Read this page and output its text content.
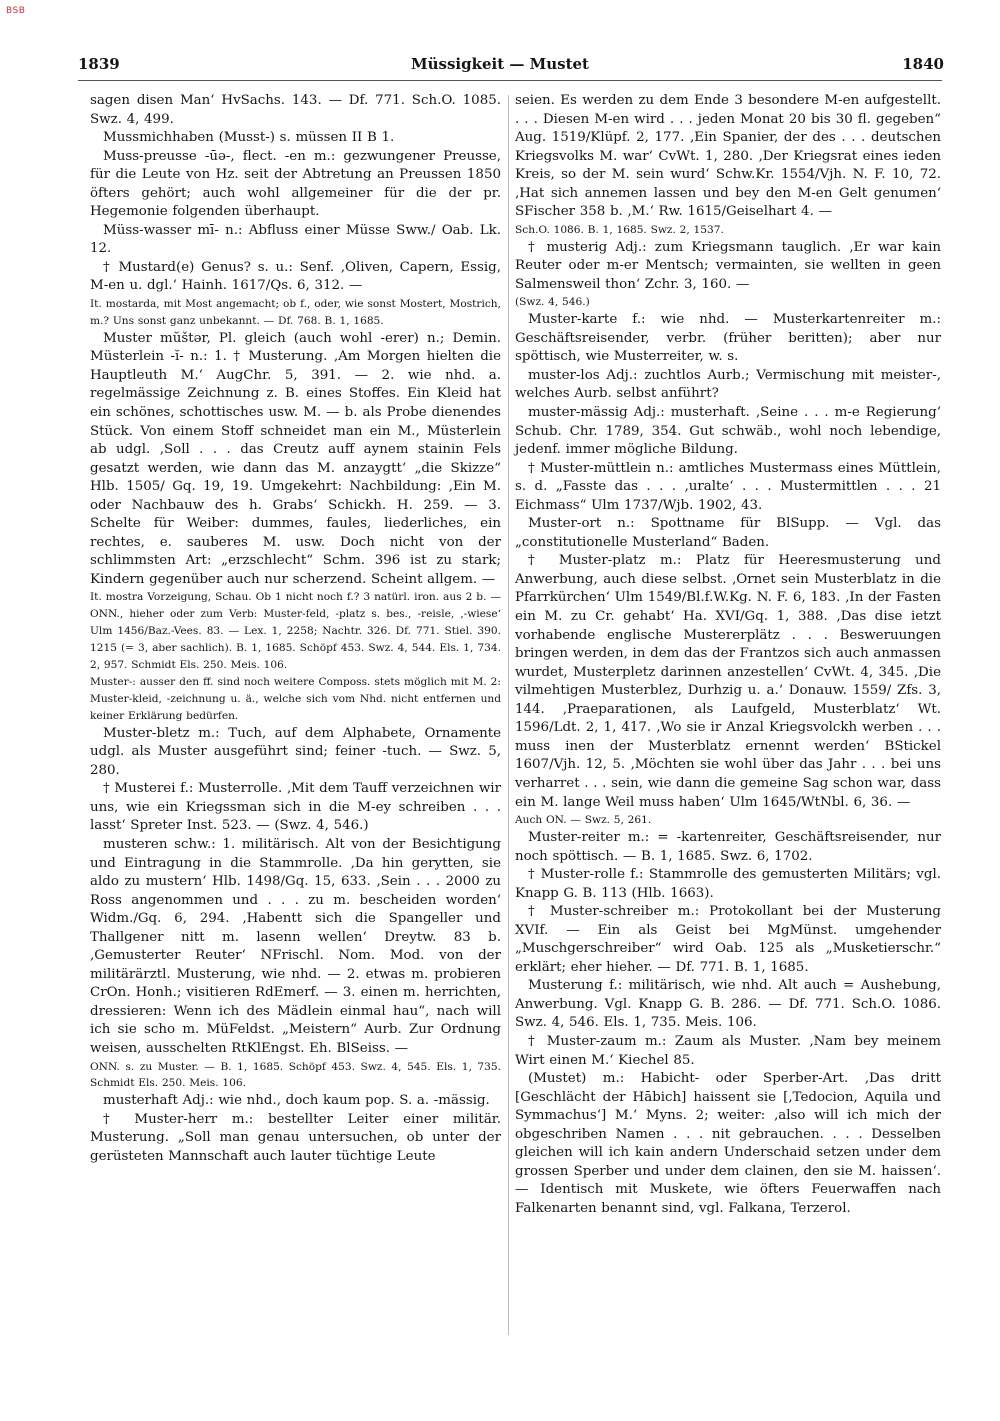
BSB
1839	Müssigkeit — Mustet	1840

sagen disen Man‘ HvSachs. 143. — Df. 771. Sch.O. 1085. Swz. 4, 499.

Mussmichhaben (Musst-) s. müssen II B 1.

Muss-preusse -ūə-, flect. -en m.: gezwungener Preusse, für die Leute von Hz. seit der Abtretung an Preussen 1850 öfters gehört; auch wohl allgemeiner für die der pr. Hegemonie folgenden überhaupt.

Müss-wasser mī- n.: Abfluss einer Müsse Sww./ Oab. Lk. 12.

† Mustard(e) Genus? s. u.: Senf. ‚Oliven, Capern, Essig, M-en u. dgl.‘ Hainh. 1617/Qs. 6, 312. —

It. mostarda, mit Most angemacht; ob f., oder, wie sonst Mostert, Mostrich, m.? Uns sonst ganz unbekannt. — Df. 768. B. 1, 1685.

Muster mŭštər, Pl. gleich (auch wohl -erer) n.; Demin. Müsterlein -ĭ- n.: 1. † Musterung. ‚Am Morgen hielten die Hauptleuth M.‘ AugChr. 5, 391. — 2. wie nhd. a. regelmässige Zeichnung z. B. eines Stoffes. Ein Kleid hat ein schönes, schottisches usw. M. — b. als Probe dienendes Stück. Von einem Stoff schneidet man ein M., Müsterlein ab udgl. ‚Soll . . . das Creutz auff aynem stainin Fels gesatzt werden, wie dann das M. anzaygtt‘ „die Skizze“ Hlb. 1505/ Gq. 19, 19. Umgekehrt: Nachbildung: ‚Ein M. oder Nachbauw des h. Grabs‘ Schickh. H. 259. — 3. Schelte für Weiber: dummes, faules, liederliches, ein rechtes, e. sauberes M. usw. Doch nicht von der schlimmsten Art: „erzschlecht“ Schm. 396 ist zu stark; Kindern gegenüber auch nur scherzend. Scheint allgem. —

It. mostra Vorzeigung, Schau. Ob 1 nicht noch f.? 3 natürl. iron. aus 2 b. — ONN., hieher oder zum Verb: Muster-feld, -platz s. bes., -reisle, ‚-wiese‘ Ulm 1456/Baz.-Vees. 83. — Lex. 1, 2258; Nachtr. 326. Df. 771. Stiel. 390. 1215 (= 3, aber sachlich). B. 1, 1685. Schöpf 453. Swz. 4, 544. Els. 1, 734. 2, 957. Schmidt Els. 250. Meis. 106.

Muster-: ausser den ff. sind noch weitere Composs. stets möglich mit M. 2: Muster-kleid, -zeichnung u. ä., welche sich vom Nhd. nicht entfernen und keiner Erklärung bedürfen.

Muster-bletz m.: Tuch, auf dem Alphabete, Ornamente udgl. als Muster ausgeführt sind; feiner -tuch. — Swz. 5, 280.

† Musterei f.: Musterrolle. ‚Mit dem Tauff verzeichnen wir uns, wie ein Kriegssman sich in die M-ey schreiben . . . lasst‘ Spreter Inst. 523. — (Swz. 4, 546.)

musteren schw.: 1. militärisch. Alt von der Besichtigung und Eintragung in die Stammrolle. ‚Da hin gerytten, sie aldo zu mustern‘ Hlb. 1498/Gq. 15, 633. ‚Sein . . . 2000 zu Ross angenommen und . . . zu m. bescheiden worden‘ Widm./Gq. 6, 294. ‚Habentt sich die Spangeller und Thallgener nitt m. lasenn wellen‘ Dreytw. 83 b. ‚Gemusterter Reuter‘ NFrischl. Nom. Mod. von der militärärztl. Musterung, wie nhd. — 2. etwas m. probieren CrOn. Honh.; visitieren RdEmerf. — 3. einen m. herrichten, dressieren: Wenn ich des Mädlein einmal hau“, nach will ich sie scho m. MüFeldst. „Meistern“ Aurb. Zur Ordnung weisen, ausschelten RtKlEngst. Eh. BlSeiss. —

ONN. s. zu Muster. — B. 1, 1685. Schöpf 453. Swz. 4, 545. Els. 1, 735. Schmidt Els. 250. Meis. 106.

musterhaft Adj.: wie nhd., doch kaum pop. S. a. -mässig.

† Muster-herr m.: bestellter Leiter einer militär. Musterung. „Soll man genau untersuchen, ob unter der gerüsteten Mannschaft auch lauter tüchtige Leute

seien. Es werden zu dem Ende 3 besondere M-en aufgestellt. . . . Diesen M-en wird . . . jeden Monat 20 bis 30 fl. gegeben“ Aug. 1519/Klüpf. 2, 177. ‚Ein Spanier, der des . . . deutschen Kriegsvolks M. war‘ CvWt. 1, 280. ‚Der Kriegsrat eines ieden Kreis, so der M. sein wurd‘ Schw.Kr. 1554/Vjh. N. F. 10, 72. ‚Hat sich annemen lassen und bey den M-en Gelt genumen‘ SFischer 358 b. ‚M.‘ Rw. 1615/Geiselhart 4. —

Sch.O. 1086. B. 1, 1685. Swz. 2, 1537.

† musterig Adj.: zum Kriegsmann tauglich. ‚Er war kain Reuter oder m-er Mentsch; vermainten, sie wellten in geen Salmensweil thon‘ Zchr. 3, 160. —

(Swz. 4, 546.)

Muster-karte f.: wie nhd. — Musterkartenreiter m.: Geschäftsreisender, verbr. (früher beritten); aber nur spöttisch, wie Musterreiter, w. s.

muster-los Adj.: zuchtlos Aurb.; Vermischung mit meister-, welches Aurb. selbst anführt?

muster-mässig Adj.: musterhaft. ‚Seine . . . m-e Regierung‘ Schub. Chr. 1789, 354. Gut schwäb., wohl noch lebendige, jedenf. immer mögliche Bildung.

† Muster-müttlein n.: amtliches Mustermass eines Müttlein, s. d. „Fasste das . . . ‚uralte‘ . . . Mustermittlen . . . 21 Eichmass“ Ulm 1737/Wjb. 1902, 43.

Muster-ort n.: Spottname für BlSupp. — Vgl. das „constitutionelle Musterland“ Baden.

† Muster-platz m.: Platz für Heeresmusterung und Anwerbung, auch diese selbst. ‚Ornet sein Musterblatz in die Pfarrkürchen‘ Ulm 1549/Bl.f.W.Kg. N. F. 6, 183. ‚In der Fasten ein M. zu Cr. gehabt‘ Ha. XVI/Gq. 1, 388. ‚Das dise ietzt vorhabende englische Mustererplätz . . . Besweruungen bringen werden, in dem das der Frantzos sich auch anmassen wurdet, Musterpletz darinnen anzestellen‘ CvWt. 4, 345. ‚Die vilmehtigen Musterblez, Durhzig u. a.‘ Donauw. 1559/ Zfs. 3, 144. ‚Praeparationen, als Laufgeld, Musterblatz‘ Wt. 1596/Ldt. 2, 1, 417. ‚Wo sie ir Anzal Kriegsvolckh werben . . . muss inen der Musterblatz ernennt werden‘ BStickel 1607/Vjh. 12, 5. ‚Möchten sie wohl über das Jahr . . . bei uns verharret . . . sein, wie dann die gemeine Sag schon war, dass ein M. lange Weil muss haben‘ Ulm 1645/WtNbl. 6, 36. —

Auch ON. — Swz. 5, 261.

Muster-reiter m.: = -kartenreiter, Geschäftsreisender, nur noch spöttisch. — B. 1, 1685. Swz. 6, 1702.

† Muster-rolle f.: Stammrolle des gemusterten Militärs; vgl. Knapp G. B. 113 (Hlb. 1663).

† Muster-schreiber m.: Protokollant bei der Musterung XVIf. — Ein als Geist bei MgMünst. umgehender „Muschgerschreiber“ wird Oab. 125 als „Musketierschr.“ erklärt; eher hieher. — Df. 771. B. 1, 1685.

Musterung f.: militärisch, wie nhd. Alt auch = Aushebung, Anwerbung. Vgl. Knapp G. B. 286. — Df. 771. Sch.O. 1086. Swz. 4, 546. Els. 1, 735. Meis. 106.

† Muster-zaum m.: Zaum als Muster. ‚Nam bey meinem Wirt einen M.‘ Kiechel 85.

(Mustet) m.: Habicht- oder Sperber-Art. ‚Das dritt [Geschlächt der Hābich] haissent sie [‚Tedocion, Aquila und Symmachus‘] M.‘ Myns. 2; weiter: ‚also will ich mich der obgeschriben Namen . . . nit gebrauchen. . . . Desselben gleichen will ich kain andern Underschaid setzen under dem grossen Sperber und under dem clainen, den sie M. haissen‘. — Identisch mit Muskete, wie öfters Feuerwaffen nach Falkenarten benannt sind, vgl. Falkana, Terzerol.
